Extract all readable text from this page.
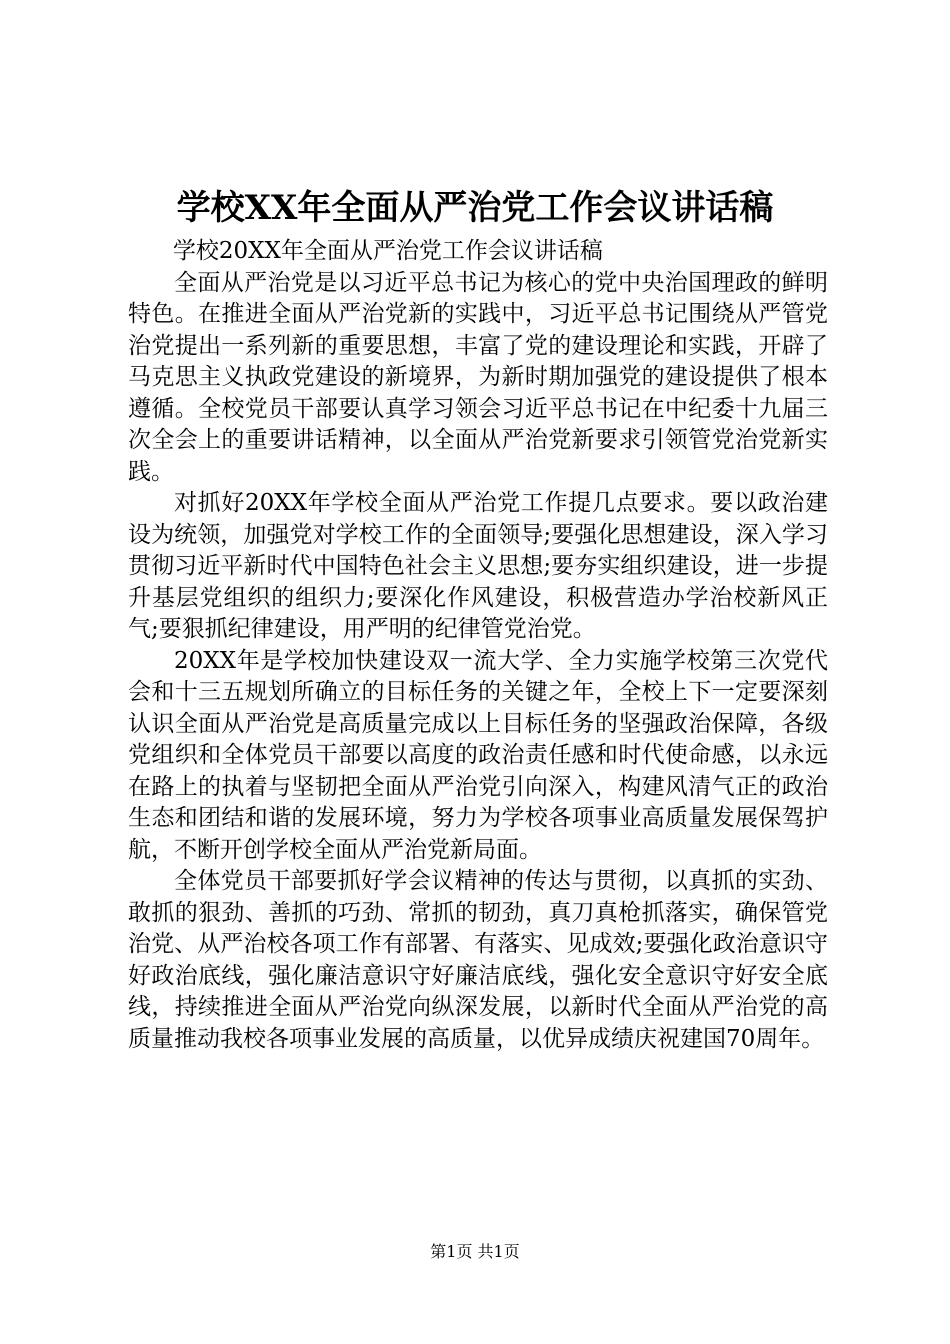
学校XX年全面从严治党工作会议讲话稿

学校20XX年全面从严治党工作会议讲话稿

全面从严治党是以习近平总书记为核心的党中央治国理政的鲜明特色。在推进全面从严治党新的实践中，习近平总书记围绕从严管党治党提出一系列新的重要思想，丰富了党的建设理论和实践，开辟了马克思主义执政党建设的新境界，为新时期加强党的建设提供了根本遵循。全校党员干部要认真学习领会习近平总书记在中纪委十九届三次全会上的重要讲话精神，以全面从严治党新要求引领管党治党新实践。

对抓好20XX年学校全面从严治党工作提几点要求。要以政治建设为统领，加强党对学校工作的全面领导;要强化思想建设，深入学习贯彻习近平新时代中国特色社会主义思想;要夯实组织建设，进一步提升基层党组织的组织力;要深化作风建设，积极营造办学治校新风正气;要狠抓纪律建设，用严明的纪律管党治党。

20XX年是学校加快建设双一流大学、全力实施学校第三次党代会和十三五规划所确立的目标任务的关键之年，全校上下一定要深刻认识全面从严治党是高质量完成以上目标任务的坚强政治保障，各级党组织和全体党员干部要以高度的政治责任感和时代使命感，以永远在路上的执着与坚韧把全面从严治党引向深入，构建风清气正的政治生态和团结和谐的发展环境，努力为学校各项事业高质量发展保驾护航，不断开创学校全面从严治党新局面。

全体党员干部要抓好学会议精神的传达与贯彻，以真抓的实劲、敢抓的狠劲、善抓的巧劲、常抓的韧劲，真刀真枪抓落实，确保管党治党、从严治校各项工作有部署、有落实、见成效;要强化政治意识守好政治底线，强化廉洁意识守好廉洁底线，强化安全意识守好安全底线，持续推进全面从严治党向纵深发展，以新时代全面从严治党的高质量推动我校各项事业发展的高质量，以优异成绩庆祝建国70周年。

第1页 共1页
